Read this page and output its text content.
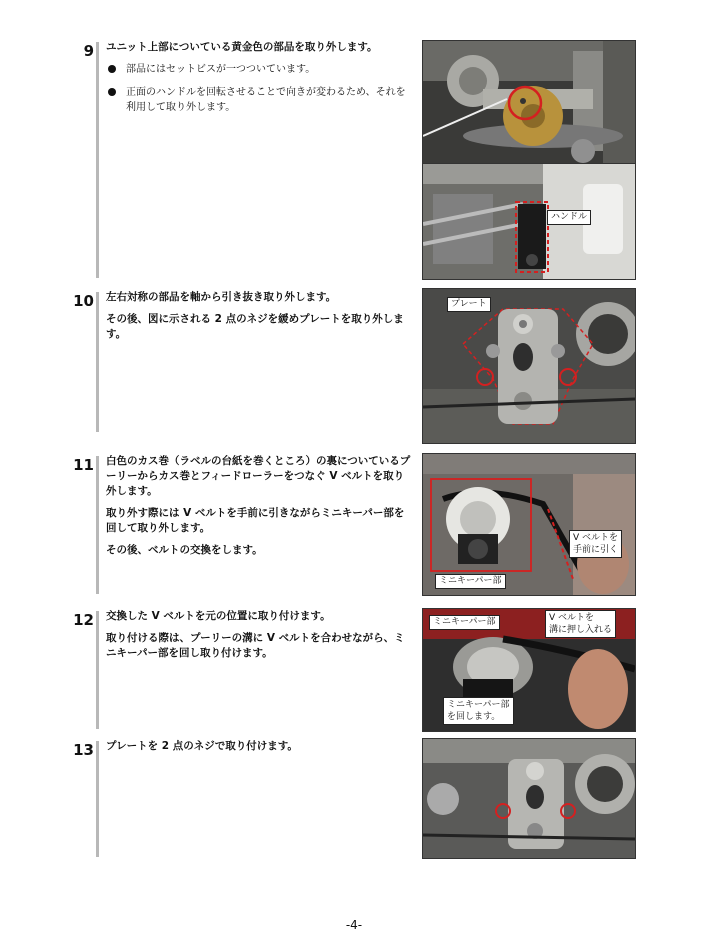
9 ユニット上部についている黄金色の部品を取り外します。

部品にはセットビスが一つついています。
正面のハンドルを回転させることで向きが変わるため、それを利用して取り外します。
ハンドル
10 左右対称の部品を軸から引き抜き取り外します。

その後、図に示される 2 点のネジを緩めプレートを取り外します。

プレート
11 白色のカス巻（ラベルの台紙を巻くところ）の裏についているプーリーからカス巻とフィードローラーをつなぐ V ベルトを取り外します。

取り外す際には V ベルトを手前に引きながらミニキーパー部を回して取り外します。

その後、ベルトの交換をします。

V ベルトを
手前に引く
ミニキーパー部
12 交換した V ベルトを元の位置に取り付けます。

取り付ける際は、プーリーの溝に V ベルトを合わせながら、ミニキーパー部を回し取り付けます。

ミニキーパー部	V ベルトを
溝に押し入れる
ミニキーパー部
を回します。
13 プレートを 2 点のネジで取り付けます。

-4-
